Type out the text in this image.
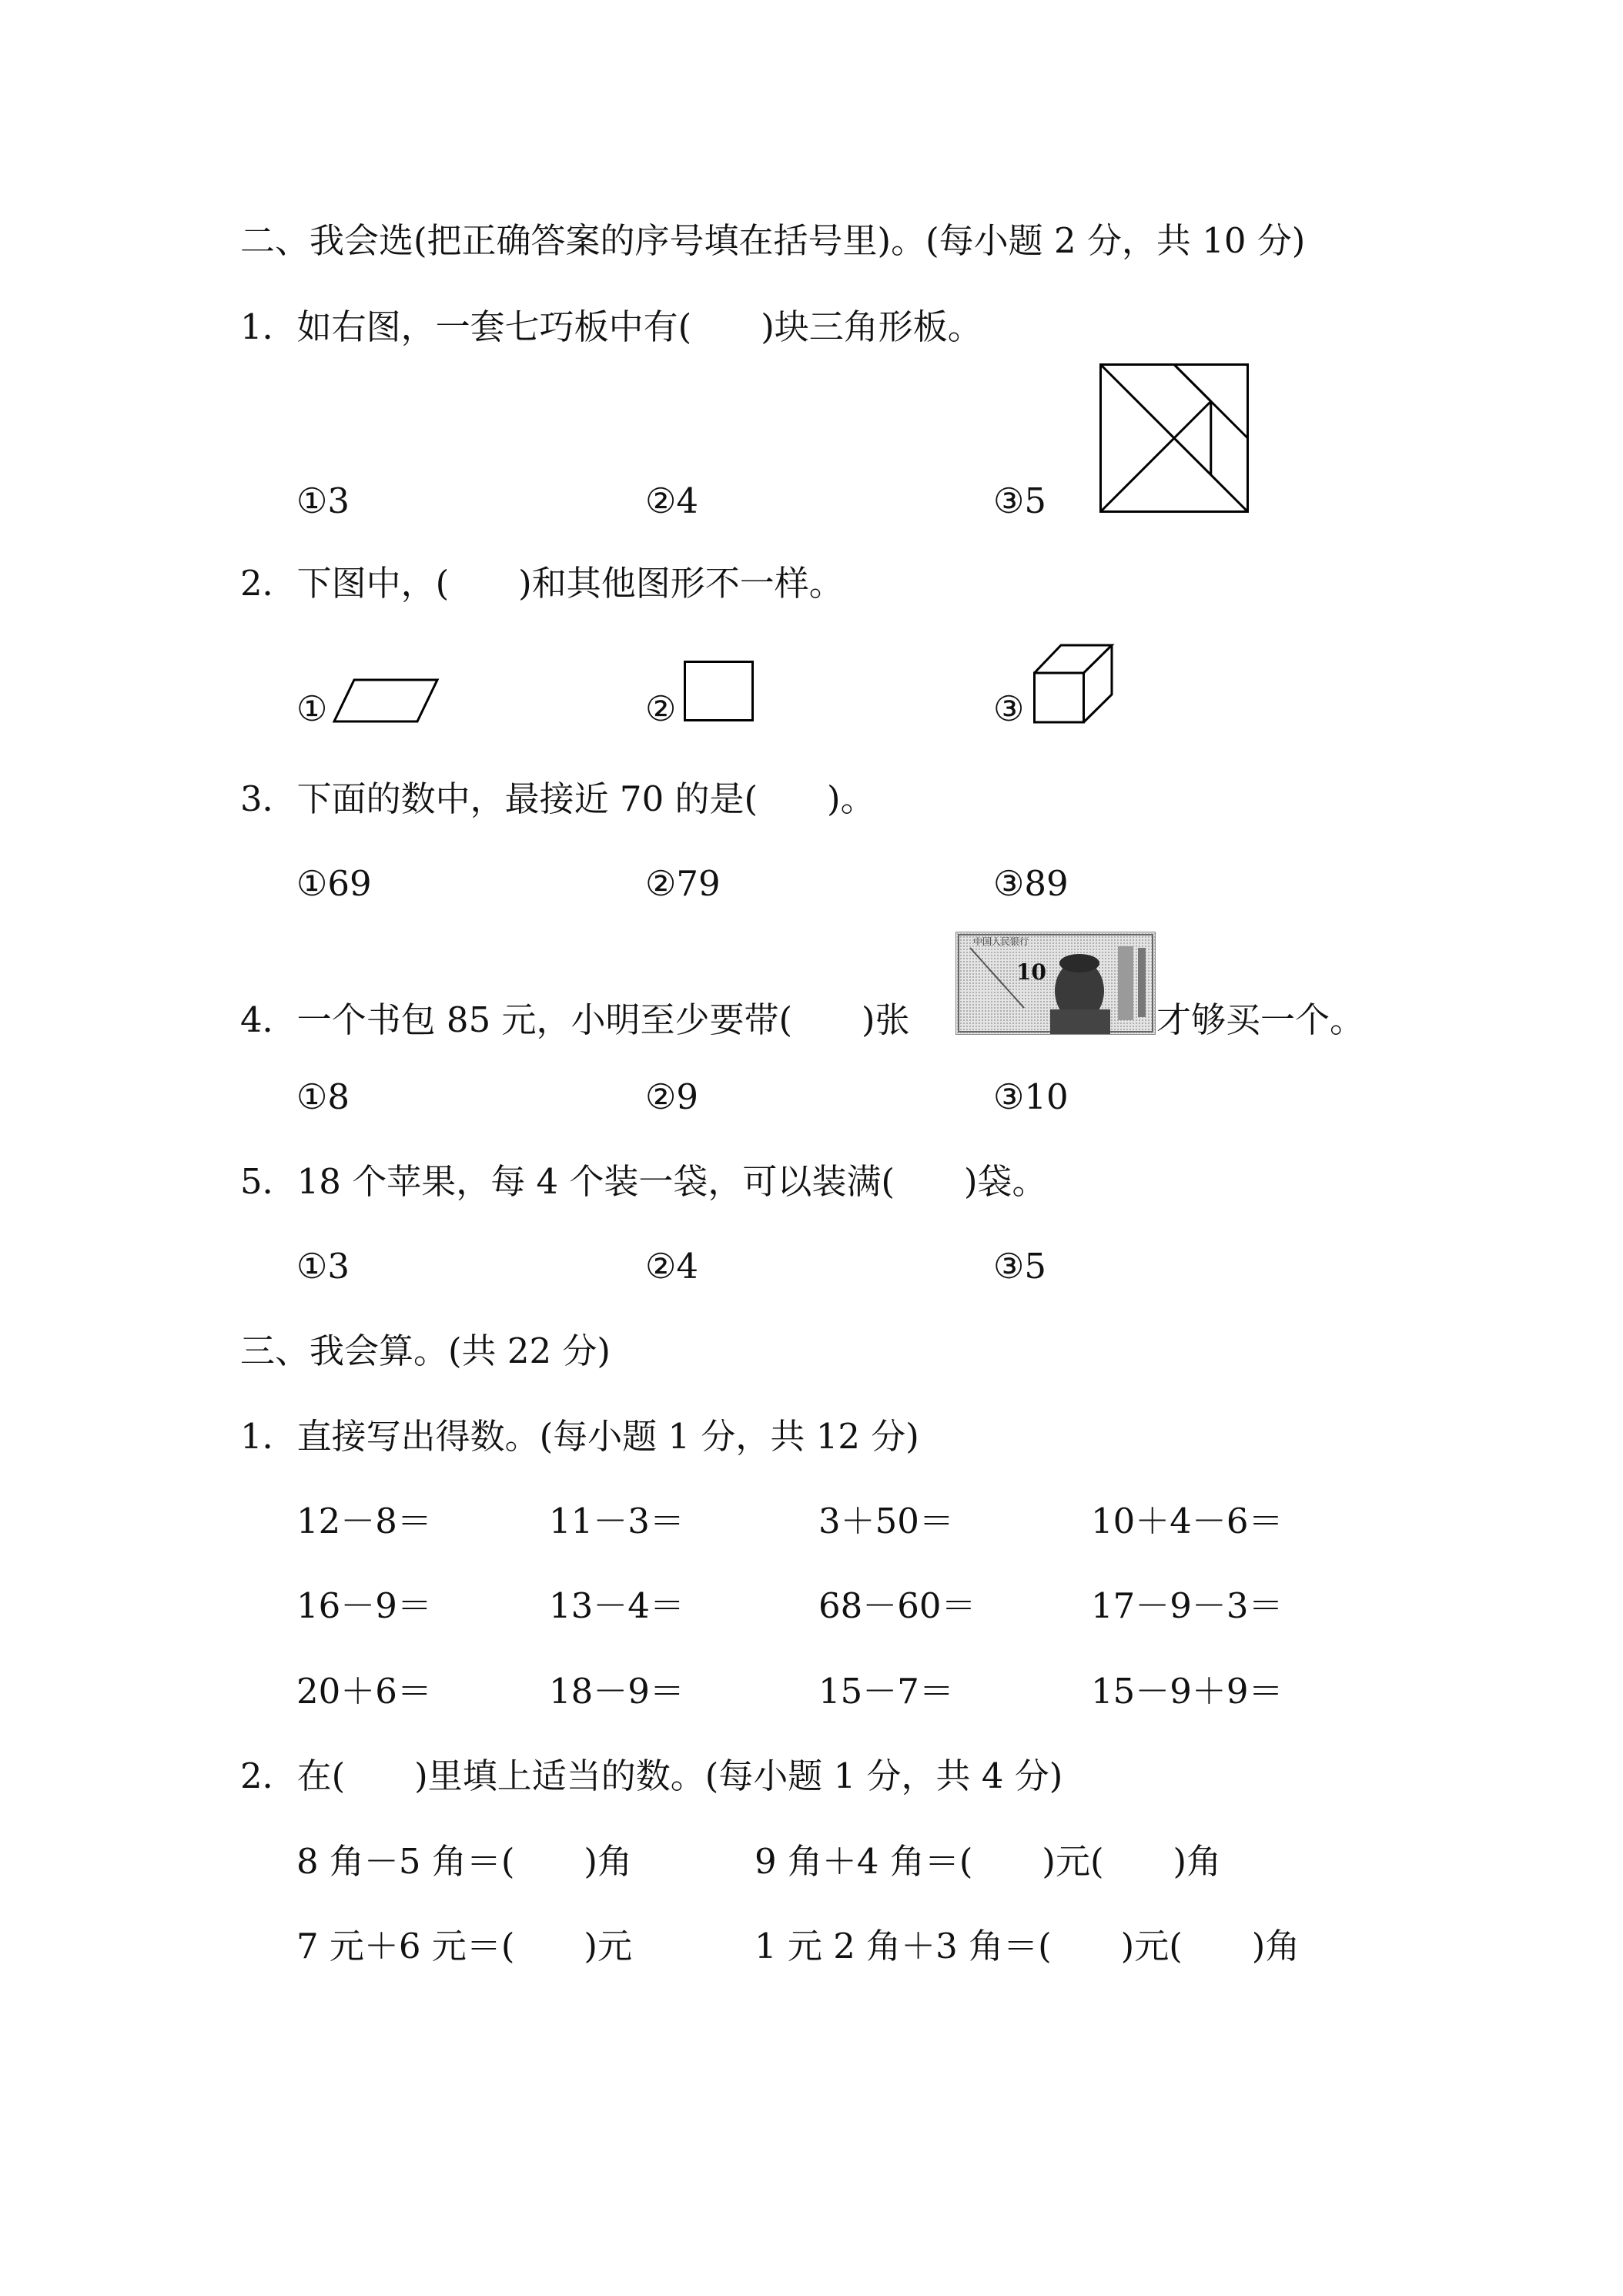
二、我会选(把正确答案的序号填在括号里)。(每小题 2 分，共 10 分)
1．如右图，一套七巧板中有(　　)块三角形板。
①3	②4	③5
2．下图中，(　　)和其他图形不一样。
①	②	③
3．下面的数中，最接近 70 的是(　　)。
①69	②79	③89
4．一个书包 85 元，小明至少要带(　　)张
中国人民银行
10
才够买一个。
①8	②9	③10
5．18 个苹果，每 4 个装一袋，可以装满(　　)袋。
①3	②4	③5
三、我会算。(共 22 分)
1．直接写出得数。(每小题 1 分，共 12 分)
12－8＝	11－3＝	3＋50＝	10＋4－6＝
16－9＝	13－4＝	68－60＝	17－9－3＝
20＋6＝	18－9＝	15－7＝	15－9＋9＝
2．在(　　)里填上适当的数。(每小题 1 分，共 4 分)
8 角－5 角＝(　　)角	9 角＋4 角＝(　　)元(　　)角
7 元＋6 元＝(　　)元	1 元 2 角＋3 角＝(　　)元(　　)角
